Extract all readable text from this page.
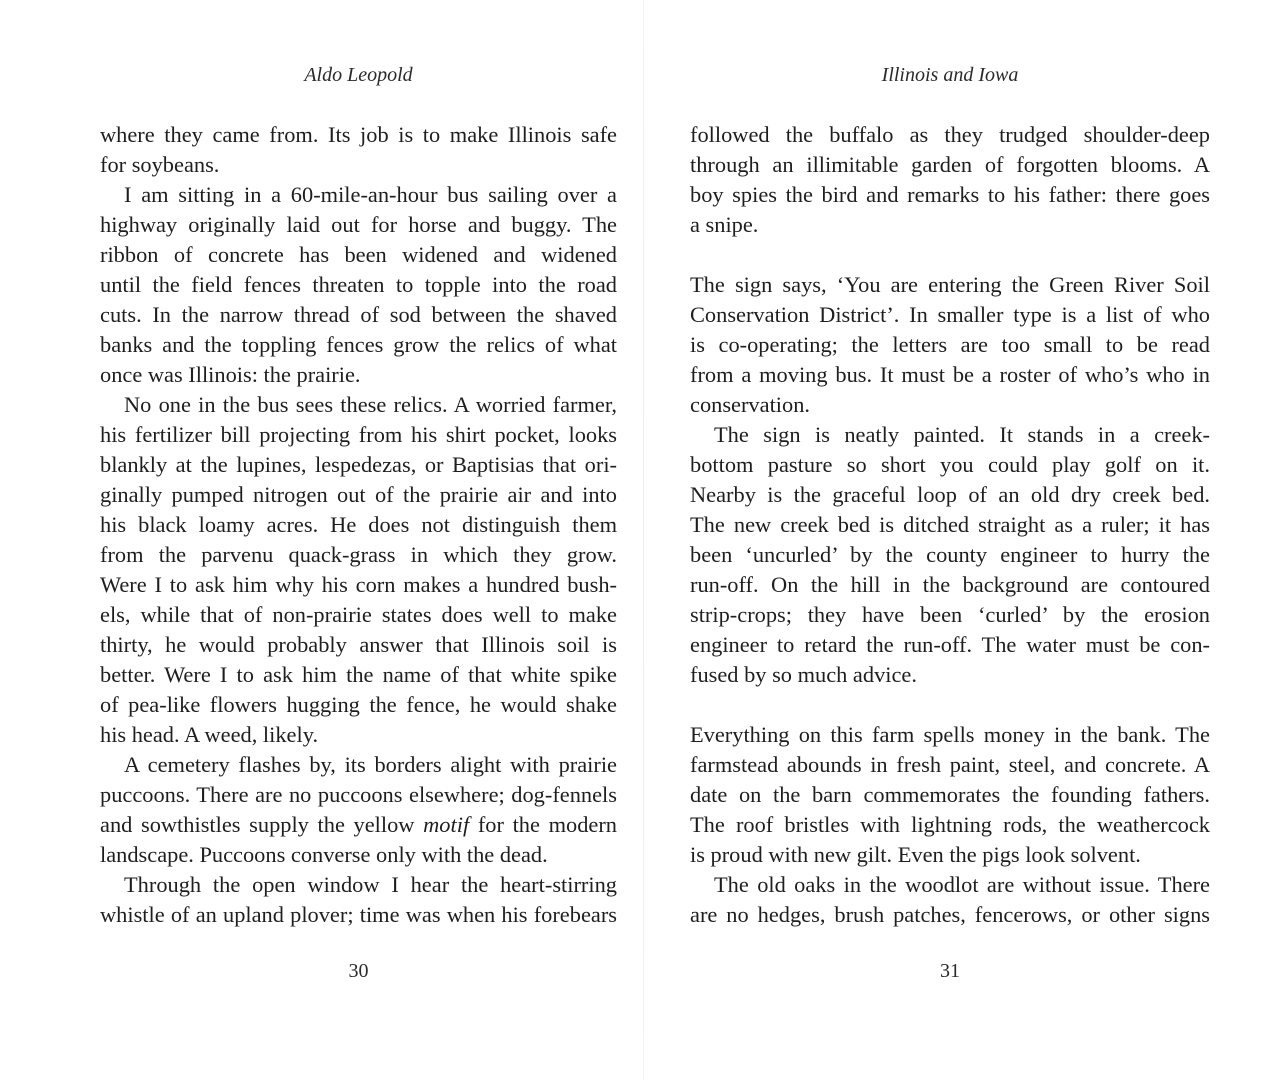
Aldo Leopold
where they came from. Its job is to make Illinois safe
for soybeans.
I am sitting in a 60-mile-an-hour bus sailing over a
highway originally laid out for horse and buggy. The
ribbon of concrete has been widened and widened
until the field fences threaten to topple into the road
cuts. In the narrow thread of sod between the shaved
banks and the toppling fences grow the relics of what
once was Illinois: the prairie.
No one in the bus sees these relics. A worried farmer,
his fertilizer bill projecting from his shirt pocket, looks
blankly at the lupines, lespedezas, or Baptisias that ori-
ginally pumped nitrogen out of the prairie air and into
his black loamy acres. He does not distinguish them
from the parvenu quack-grass in which they grow.
Were I to ask him why his corn makes a hundred bush-
els, while that of non-prairie states does well to make
thirty, he would probably answer that Illinois soil is
better. Were I to ask him the name of that white spike
of pea-like flowers hugging the fence, he would shake
his head. A weed, likely.
A cemetery flashes by, its borders alight with prairie
puccoons. There are no puccoons elsewhere; dog-fennels
and sowthistles supply the yellow motif for the modern
landscape. Puccoons converse only with the dead.
Through the open window I hear the heart-stirring
whistle of an upland plover; time was when his forebears
30
Illinois and Iowa
followed the buffalo as they trudged shoulder-deep
through an illimitable garden of forgotten blooms. A
boy spies the bird and remarks to his father: there goes
a snipe.
The sign says, ‘You are entering the Green River Soil
Conservation District’. In smaller type is a list of who
is co-operating; the letters are too small to be read
from a moving bus. It must be a roster of who’s who in
conservation.
The sign is neatly painted. It stands in a creek-
bottom pasture so short you could play golf on it.
Nearby is the graceful loop of an old dry creek bed.
The new creek bed is ditched straight as a ruler; it has
been ‘uncurled’ by the county engineer to hurry the
run-off. On the hill in the background are contoured
strip-crops; they have been ‘curled’ by the erosion
engineer to retard the run-off. The water must be con-
fused by so much advice.
Everything on this farm spells money in the bank. The
farmstead abounds in fresh paint, steel, and concrete. A
date on the barn commemorates the founding fathers.
The roof bristles with lightning rods, the weathercock
is proud with new gilt. Even the pigs look solvent.
The old oaks in the woodlot are without issue. There
are no hedges, brush patches, fencerows, or other signs
31
